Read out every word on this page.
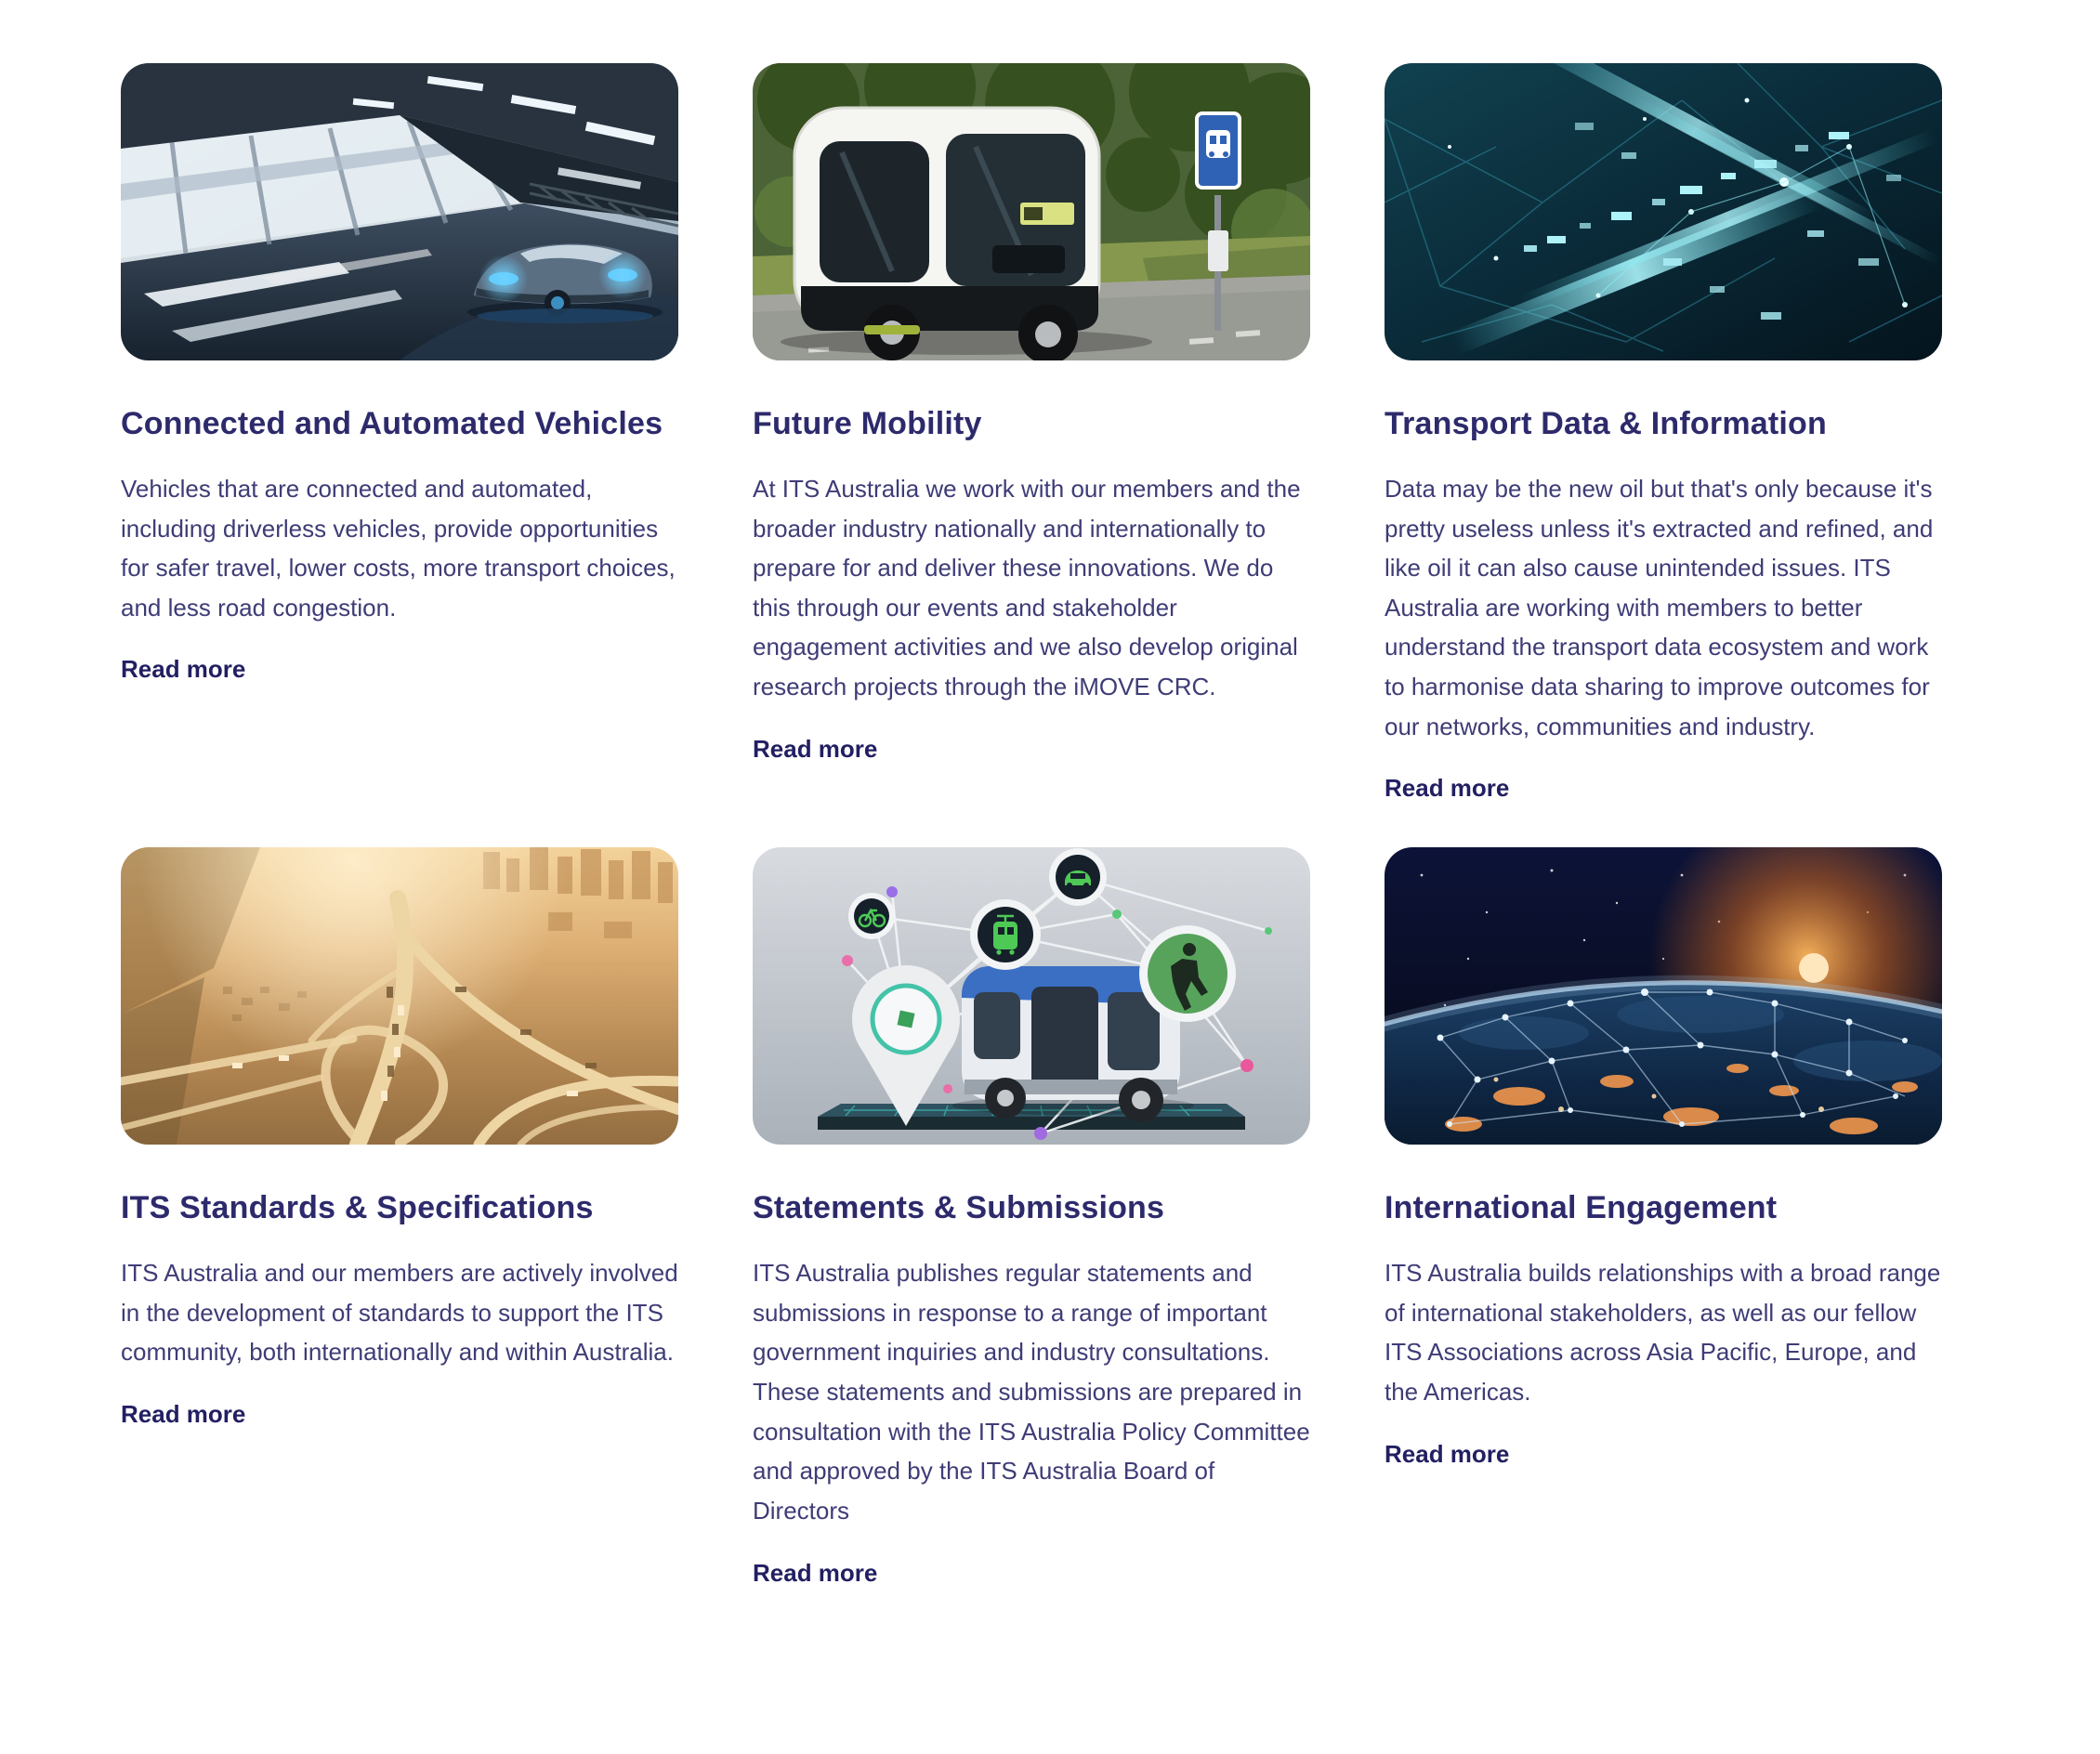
Connected and Automated Vehicles

Vehicles that are connected and automated, including driverless vehicles, provide opportunities for safer travel, lower costs, more transport choices, and less road congestion.

Read more
Future Mobility

At ITS Australia we work with our members and the broader industry nationally and internationally to prepare for and deliver these innovations. We do this through our events and stakeholder engagement activities and we also develop original research projects through the iMOVE CRC.

Read more
Transport Data & Information

Data may be the new oil but that's only because it's pretty useless unless it's extracted and refined, and like oil it can also cause unintended issues. ITS Australia are working with members to better understand the transport data ecosystem and work to harmonise data sharing to improve outcomes for our networks, communities and industry.

Read more
ITS Standards & Specifications

ITS Australia and our members are actively involved in the development of standards to support the ITS community, both internationally and within Australia.

Read more
Statements & Submissions

ITS Australia publishes regular statements and submissions in response to a range of important government inquiries and industry consultations. These statements and submissions are prepared in consultation with the ITS Australia Policy Committee and approved by the ITS Australia Board of Directors

Read more
International Engagement

ITS Australia builds relationships with a broad range of international stakeholders, as well as our fellow ITS Associations across Asia Pacific, Europe, and the Americas.

Read more
